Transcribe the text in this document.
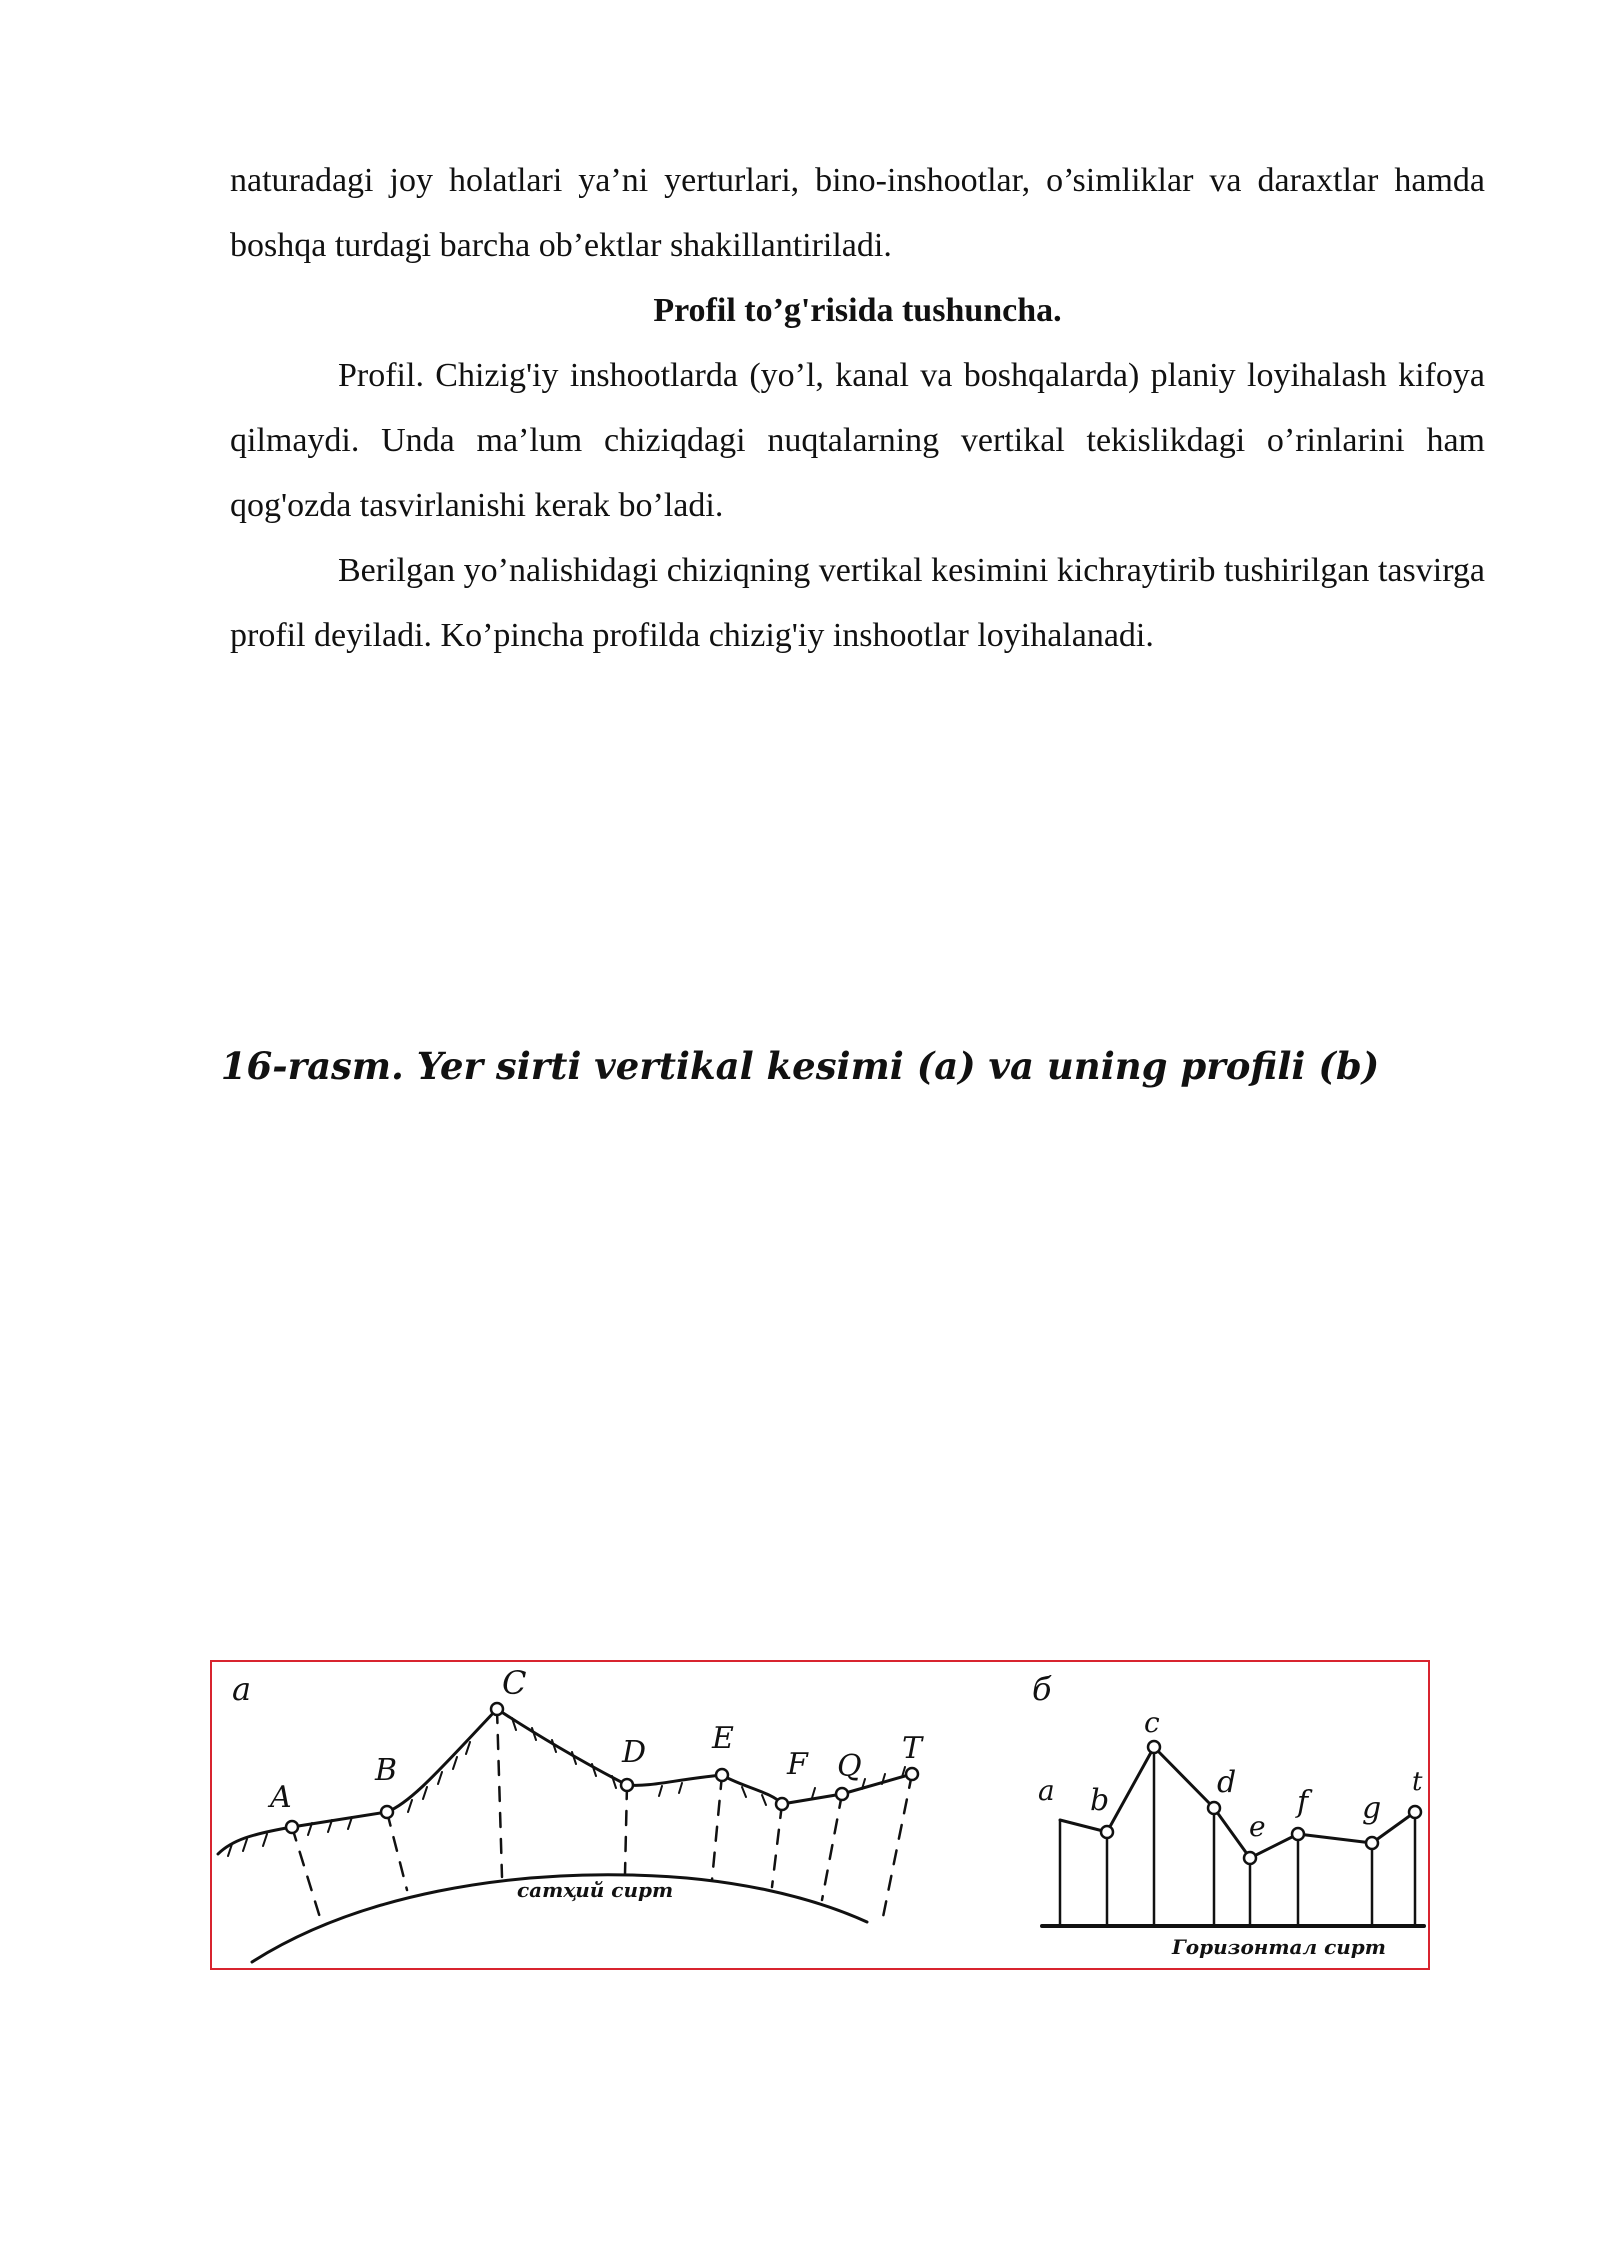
naturadagi joy holatlari ya’ni yerturlari, bino-inshootlar, o’simliklar va daraxtlar hamda boshqa turdagi barcha ob’ektlar shakillantiriladi.

Profil to’g'risida tushuncha.

Profil. Chizig'iy inshootlarda (yo’l, kanal va boshqalarda) planiy loyihalash kifoya qilmaydi. Unda ma’lum chiziqdagi nuqtalarning vertikal tekislikdagi o’rinlarini ham qog'ozda tasvirlanishi kerak bo’ladi.

Berilgan yo’nalishidagi chiziqning vertikal kesimini kichraytirib tushirilgan tasvirga profil deyiladi. Ko’pincha profilda chizig'iy inshootlar loyihalanadi.

16-rasm. Yer sirti vertikal kesimi (a) va uning profili (b)

a
A
B
C
D E
F Q
T
сатҳий сирт
б
a b
c
d
e
f g
t
Горизонтал сирт
